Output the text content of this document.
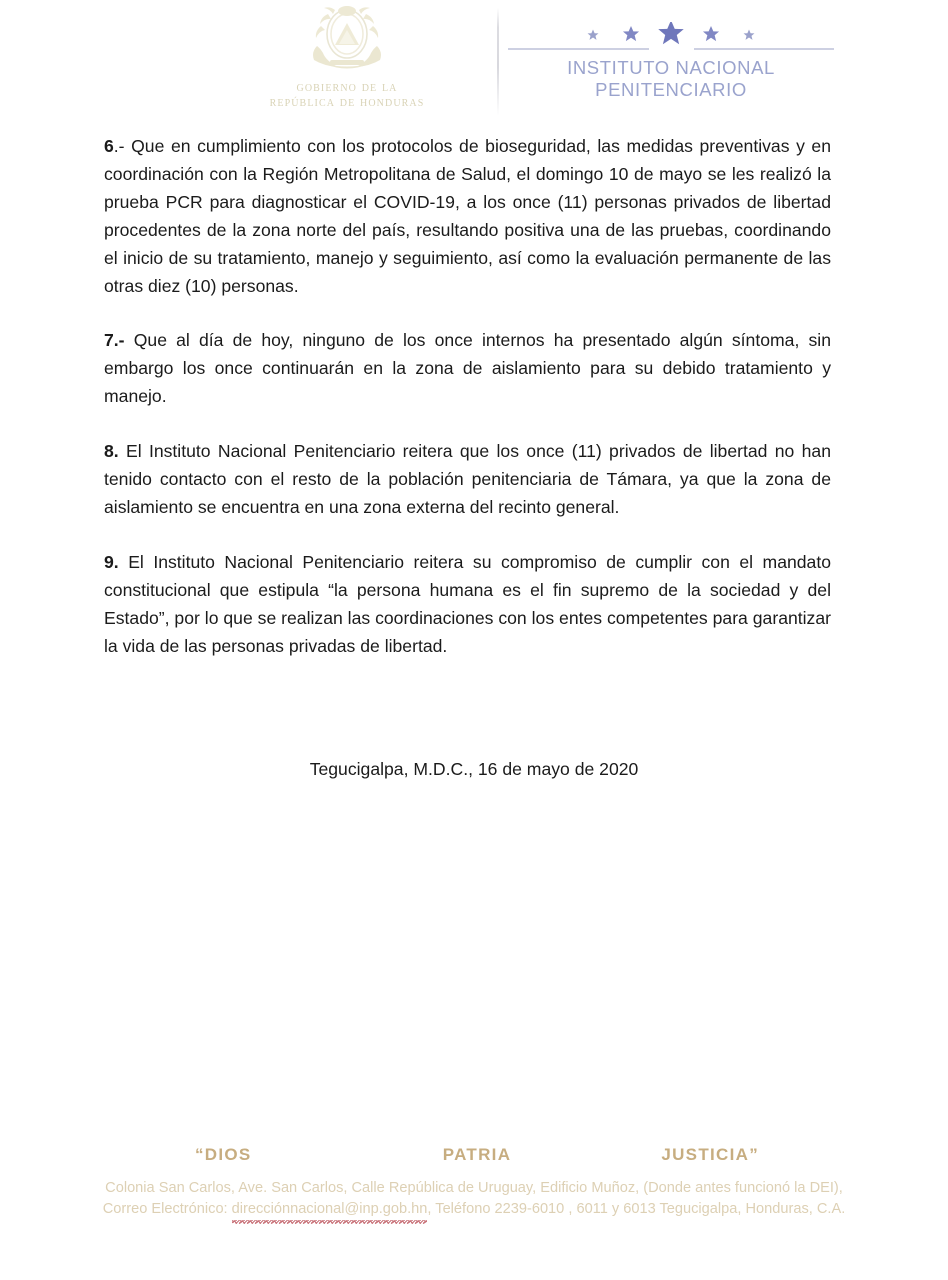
gobierno de la
república de honduras
INSTITUTO NACIONAL
PENITENCIARIO

6.- Que en cumplimiento con los protocolos de bioseguridad, las medidas preventivas y en coordinación con la Región Metropolitana de Salud, el domingo 10 de mayo se les realizó la prueba PCR para diagnosticar el COVID-19, a los once (11) personas privados de libertad procedentes de la zona norte del país, resultando positiva una de las pruebas, coordinando el inicio de su tratamiento, manejo y seguimiento, así como la evaluación permanente de las otras diez (10) personas.

7.- Que al día de hoy, ninguno de los once internos ha presentado algún síntoma, sin embargo los once continuarán en la zona de aislamiento para su debido tratamiento y manejo.

8. El Instituto Nacional Penitenciario reitera que los once (11) privados de libertad no han tenido contacto con el resto de la población penitenciaria de Támara, ya que la zona de aislamiento se encuentra en una zona externa del recinto general.

9. El Instituto Nacional Penitenciario reitera su compromiso de cumplir con el mandato constitucional que estipula “la persona humana es el fin supremo de la sociedad y del Estado”, por lo que se realizan las coordinaciones con los entes competentes para garantizar la vida de las personas privadas de libertad.

Tegucigalpa, M.D.C., 16 de mayo de 2020
“DIOS	PATRIA	JUSTICIA”
Colonia San Carlos, Ave. San Carlos, Calle República de Uruguay, Edificio Muñoz, (Donde antes funcionó la DEI),
Correo Electrónico: direcciónnacional@inp.gob.hn
, Teléfono 2239-6010 , 6011 y 6013 Tegucigalpa, Honduras, C.A.
